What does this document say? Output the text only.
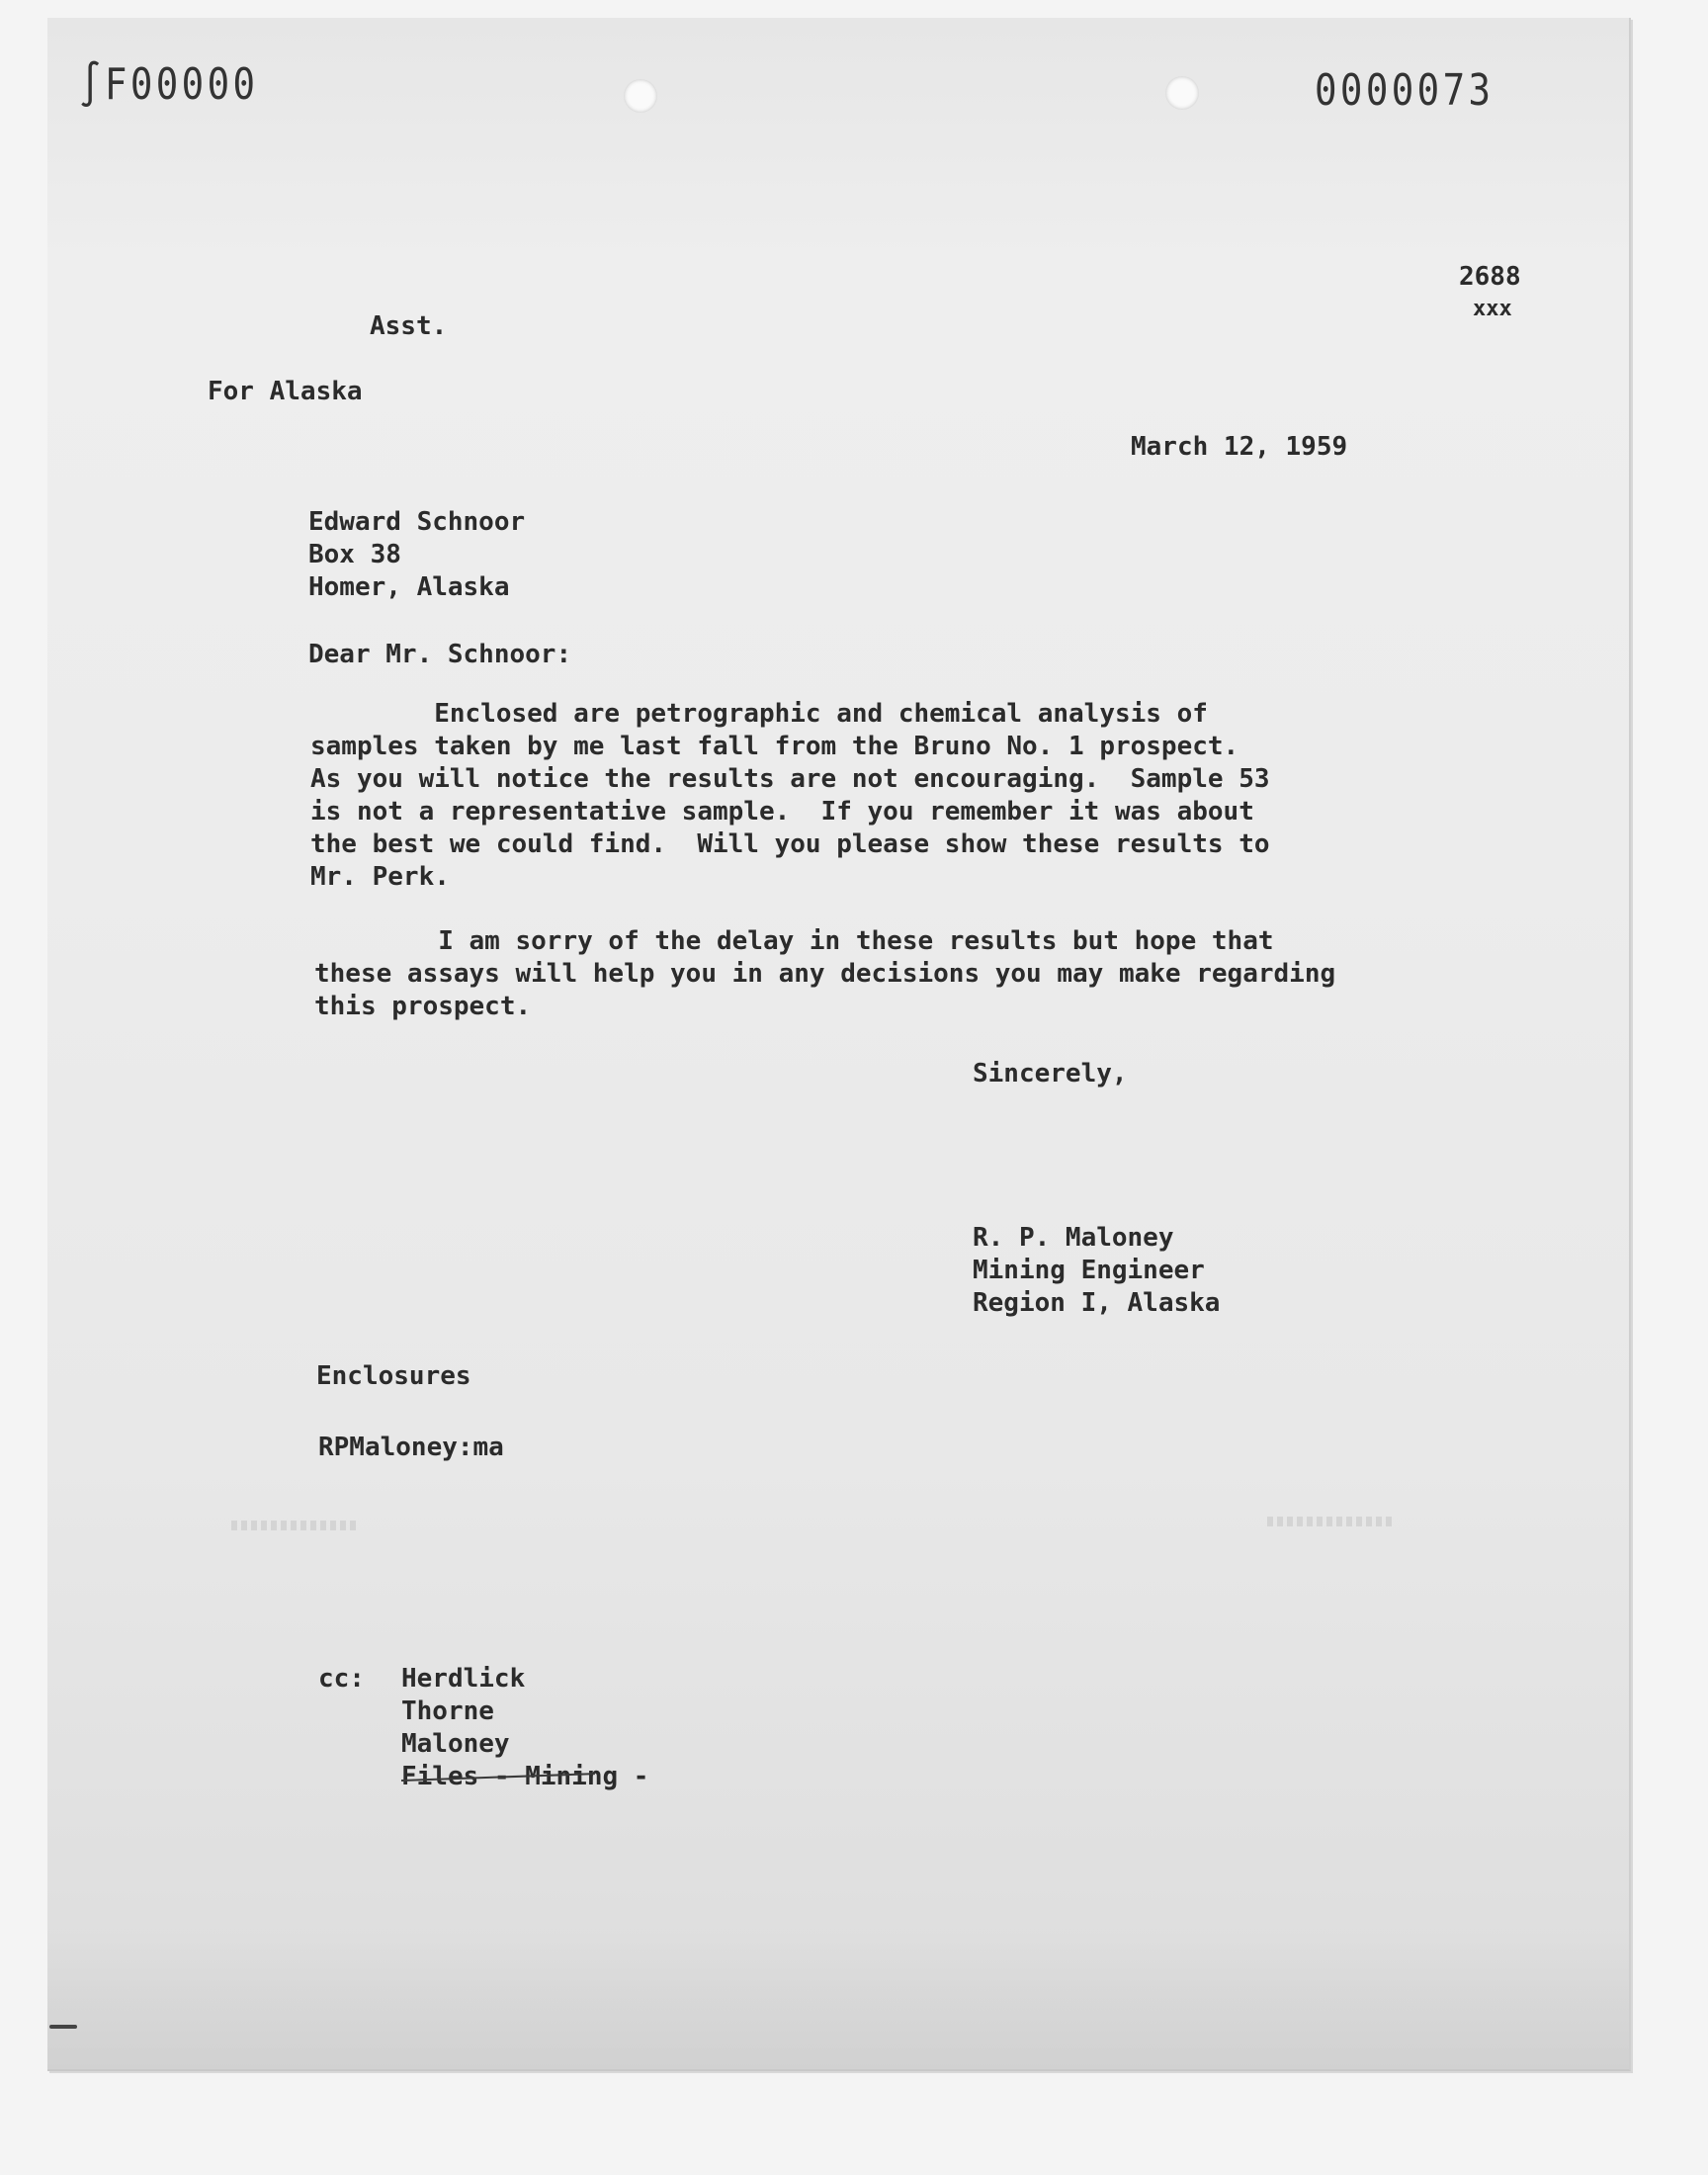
∫F00000	0000073
2688
xxx
Asst.
For Alaska
March 12, 1959
Edward Schnoor
Box 38
Homer, Alaska
Dear Mr. Schnoor:
Enclosed are petrographic and chemical analysis of
samples taken by me last fall from the Bruno No. 1 prospect.
As you will notice the results are not encouraging.  Sample 53
is not a representative sample.  If you remember it was about
the best we could find.  Will you please show these results to
Mr. Perk.
I am sorry of the delay in these results but hope that
these assays will help you in any decisions you may make regarding
this prospect.
Sincerely,
R. P. Maloney
Mining Engineer
Region I, Alaska
Enclosures
RPMaloney:ma
cc: Herdlick
Thorne
Maloney
Files - Mining -
